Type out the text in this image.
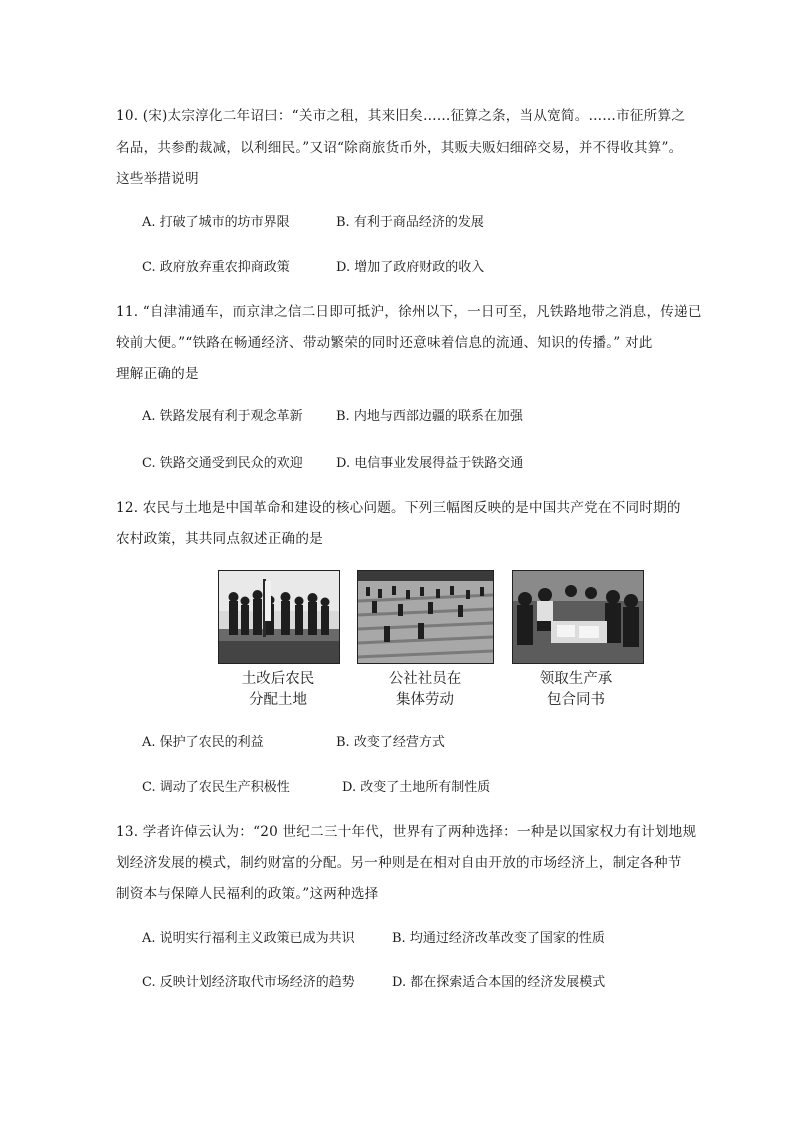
10. (宋)太宗淳化二年诏曰：“关市之租，其来旧矣……征算之条，当从宽简。……市征所算之
名品，共参酌裁减，以利细民。”又诏“除商旅货币外，其贩夫贩妇细碎交易，并不得收其算”。
这些举措说明
A. 打破了城市的坊市界限	B. 有利于商品经济的发展
C. 政府放弃重农抑商政策	D. 增加了政府财政的收入
11. “自津浦通车，而京津之信二日即可抵沪，徐州以下，一日可至，凡铁路地带之消息，传递已
较前大便。”“铁路在畅通经济、带动繁荣的同时还意味着信息的流通、知识的传播。” 对此
理解正确的是
A. 铁路发展有利于观念革新	B. 内地与西部边疆的联系在加强
C. 铁路交通受到民众的欢迎	D. 电信事业发展得益于铁路交通
12. 农民与土地是中国革命和建设的核心问题。下列三幅图反映的是中国共产党在不同时期的
农村政策，其共同点叙述正确的是
土改后农民
分配土地
公社社员在
集体劳动
领取生产承
包合同书
A. 保护了农民的利益	B. 改变了经营方式
C. 调动了农民生产积极性	D. 改变了土地所有制性质
13. 学者许倬云认为：“20 世纪二三十年代，世界有了两种选择：一种是以国家权力有计划地规
划经济发展的模式，制约财富的分配。另一种则是在相对自由开放的市场经济上，制定各种节
制资本与保障人民福利的政策。”这两种选择
A. 说明实行福利主义政策已成为共识	B. 均通过经济改革改变了国家的性质
C. 反映计划经济取代市场经济的趋势	D. 都在探索适合本国的经济发展模式
